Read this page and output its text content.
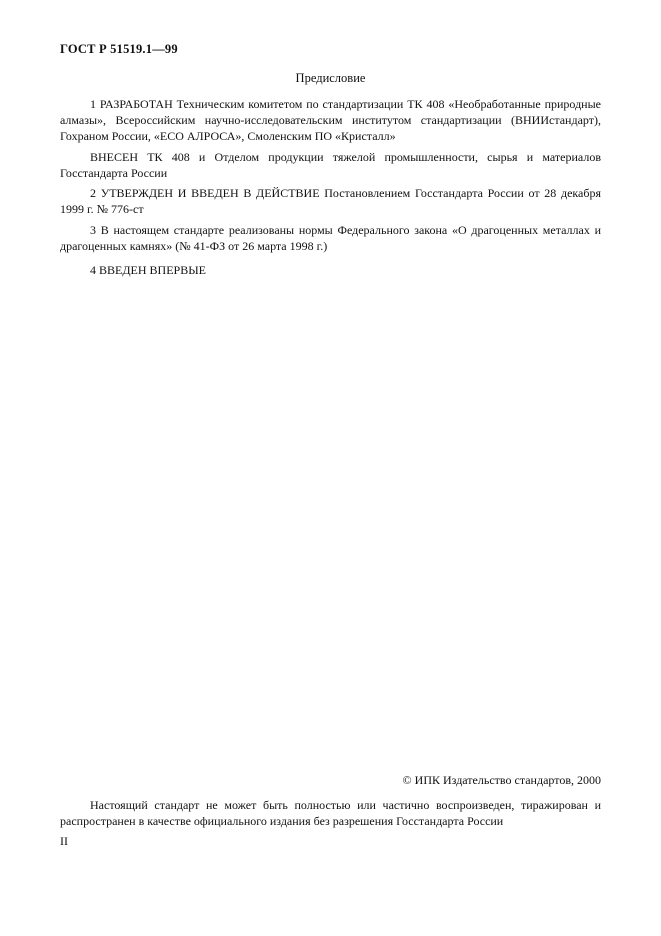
ГОСТ Р 51519.1—99
Предисловие

1 РАЗРАБОТАН Техническим комитетом по стандартизации ТК 408 «Необработанные природные алмазы», Всероссийским научно-исследовательским институтом стандартизации (ВНИИстандарт), Гохраном России, «ЕСО АЛРОСА», Смоленским ПО «Кристалл»

ВНЕСЕН ТК 408 и Отделом продукции тяжелой промышленности, сырья и материалов Госстандарта России

2 УТВЕРЖДЕН И ВВЕДЕН В ДЕЙСТВИЕ Постановлением Госстандарта России от 28 декабря 1999 г. № 776-ст

3 В настоящем стандарте реализованы нормы Федерального закона «О драгоценных металлах и драгоценных камнях» (№ 41-ФЗ от 26 марта 1998 г.)

4 ВВЕДЕН ВПЕРВЫЕ

© ИПК Издательство стандартов, 2000

Настоящий стандарт не может быть полностью или частично воспроизведен, тиражирован и распространен в качестве официального издания без разрешения Госстандарта России

II
